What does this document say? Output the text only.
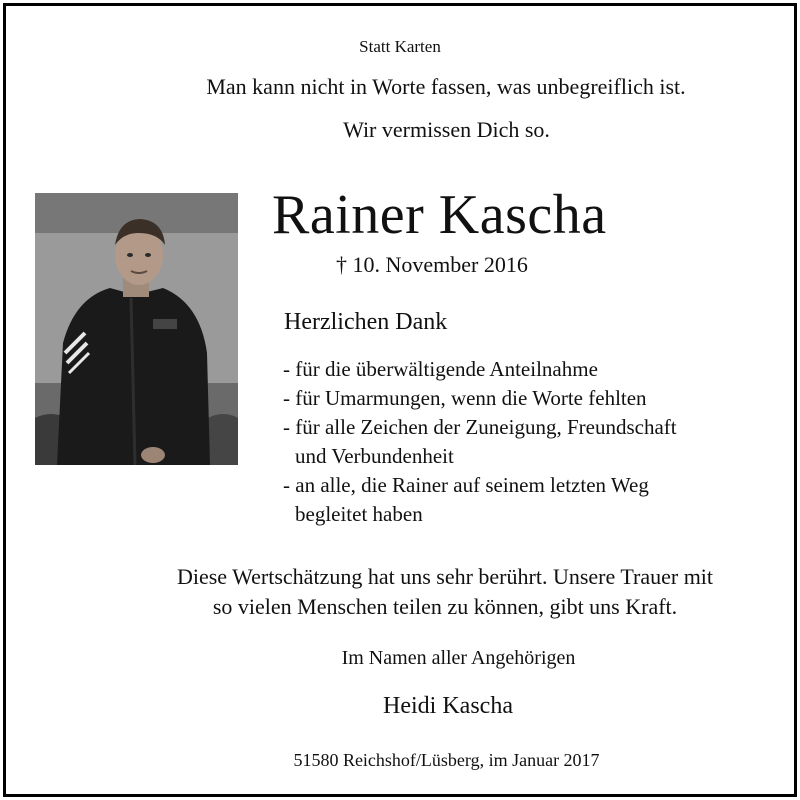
Statt Karten
Man kann nicht in Worte fassen, was unbegreiflich ist.
Wir vermissen Dich so.
Rainer Kascha
† 10. November 2016
Herzlichen Dank
- für die überwältigende Anteilnahme
- für Umarmungen, wenn die Worte fehlten
- für alle Zeichen der Zuneigung, Freundschaft
und Verbundenheit
- an alle, die Rainer auf seinem letzten Weg
begleitet haben
Diese Wertschätzung hat uns sehr berührt. Unsere Trauer mit
so vielen Menschen teilen zu können, gibt uns Kraft.
Im Namen aller Angehörigen
Heidi Kascha
51580 Reichshof/Lüsberg, im Januar 2017
